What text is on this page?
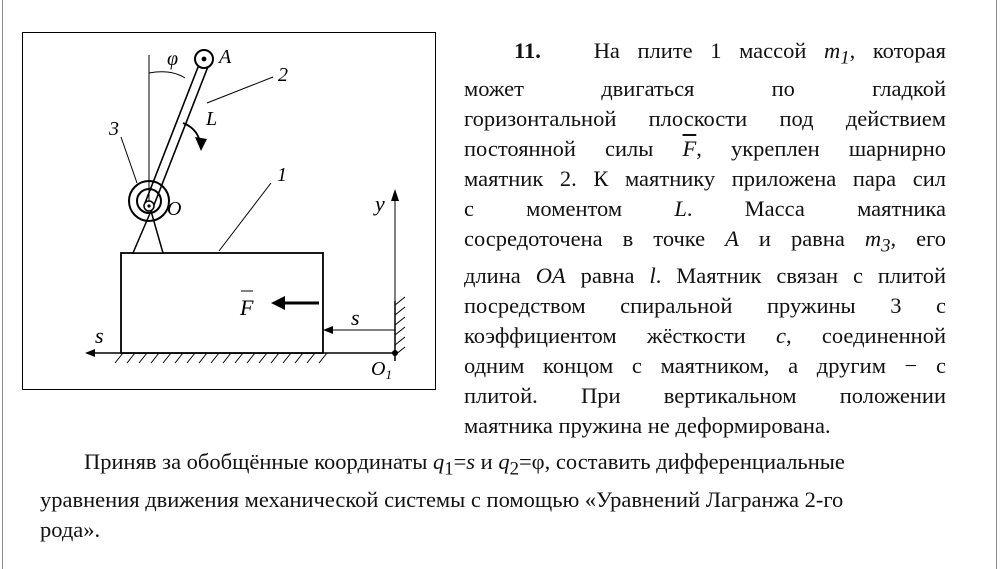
φ A
2
L
3
1
O	y
F	s
s
$O_1$
11. На плите 1 массой $m_1$, которая
может двигаться по гладкой
горизонтальной плоскости под действием
постоянной силы $\overline{F}$, укреплен шарнирно
маятник 2. К маятнику приложена пара сил
с моментом L. Масса маятника
сосредоточена в точке A и равна $m_3$, его
длина OA равна l. Маятник связан с плитой
посредством спиральной пружины 3 с
коэффициентом жёсткости c, соединенной
одним концом с маятником, а другим − с
плитой. При вертикальном положении
маятника пружина не деформирована.
Приняв за обобщённые координаты $q_1=s$ и $q_2=\varphi$, составить дифференциальные
уравнения движения механической системы с помощью «Уравнений Лагранжа 2-го
рода».
